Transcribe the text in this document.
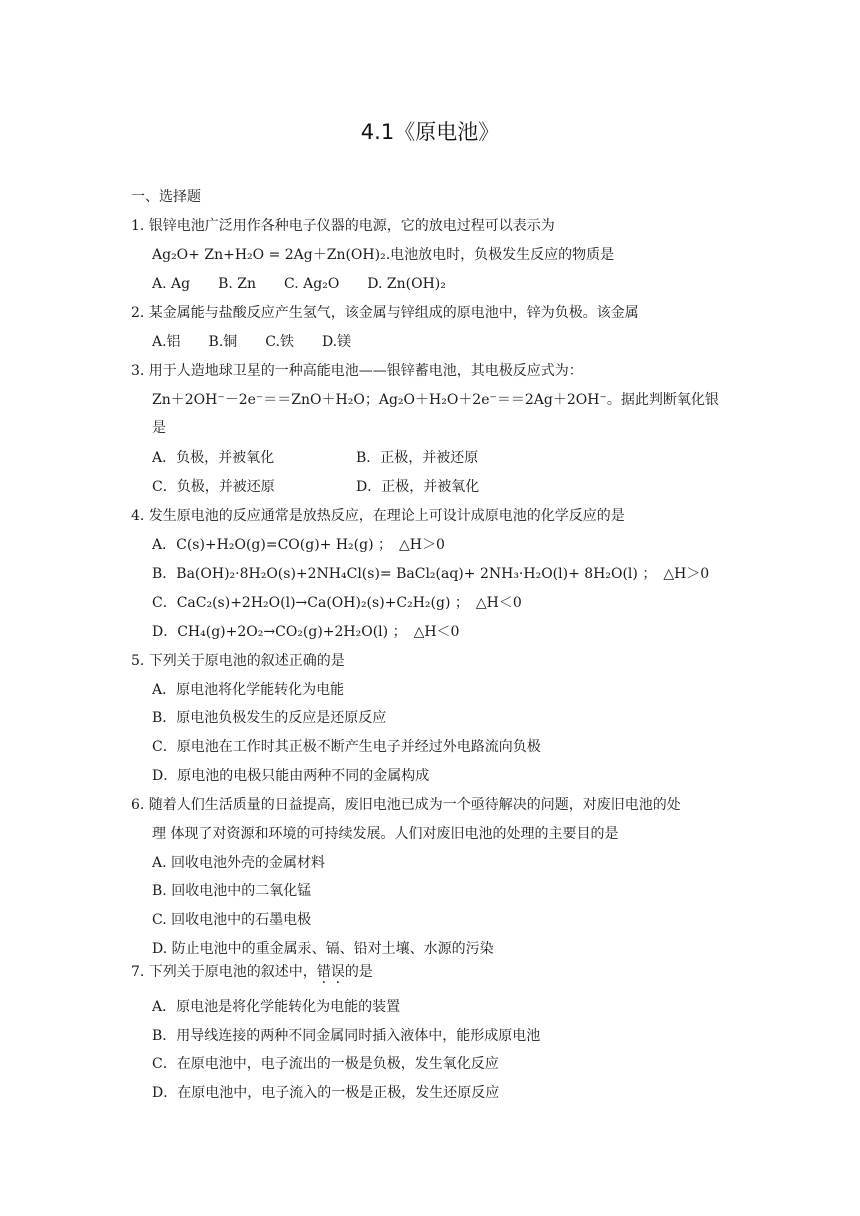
4.1《原电池》
一、选择题
1. 银锌电池广泛用作各种电子仪器的电源，它的放电过程可以表示为
Ag₂O+ Zn+H₂O = 2Ag＋Zn(OH)₂.电池放电时，负极发生反应的物质是
A. Ag　　B. Zn　　C. Ag₂O　　D. Zn(OH)₂
2. 某金属能与盐酸反应产生氢气，该金属与锌组成的原电池中，锌为负极。该金属
A.铝　　B.铜　　C.铁　　D.镁
3. 用于人造地球卫星的一种高能电池——银锌蓄电池，其电极反应式为：
Zn＋2OH⁻－2e⁻＝＝ZnO＋H₂O；Ag₂O＋H₂O＋2e⁻＝＝2Ag＋2OH⁻。据此判断氧化银
是
A．负极，并被氧化	B．正极，并被还原
C．负极，并被还原	D．正极，并被氧化
4. 发生原电池的反应通常是放热反应，在理论上可设计成原电池的化学反应的是
A．C(s)+H₂O(g)=CO(g)+ H₂(g) ；　△H＞0
B．Ba(OH)₂·8H₂O(s)+2NH₄Cl(s)= BaCl₂(aq)+ 2NH₃·H₂O(l)+ 8H₂O(l) ；　△H＞0
C．CaC₂(s)+2H₂O(l)→Ca(OH)₂(s)+C₂H₂(g) ；　△H＜0
D．CH₄(g)+2O₂→CO₂(g)+2H₂O(l) ；　△H＜0
5. 下列关于原电池的叙述正确的是
A．原电池将化学能转化为电能
B．原电池负极发生的反应是还原反应
C．原电池在工作时其正极不断产生电子并经过外电路流向负极
D．原电池的电极只能由两种不同的金属构成
6. 随着人们生活质量的日益提高，废旧电池已成为一个亟待解决的问题，对废旧电池的处
理 体现了对资源和环境的可持续发展。人们对废旧电池的处理的主要目的是
A. 回收电池外壳的金属材料
B. 回收电池中的二氧化锰
C. 回收电池中的石墨电极
D. 防止电池中的重金属汞、镉、铅对土壤、水源的污染
7. 下列关于原电池的叙述中，错误的是
A．原电池是将化学能转化为电能的装置
B．用导线连接的两种不同金属同时插入液体中，能形成原电池
C．在原电池中，电子流出的一极是负极，发生氧化反应
D．在原电池中，电子流入的一极是正极，发生还原反应
